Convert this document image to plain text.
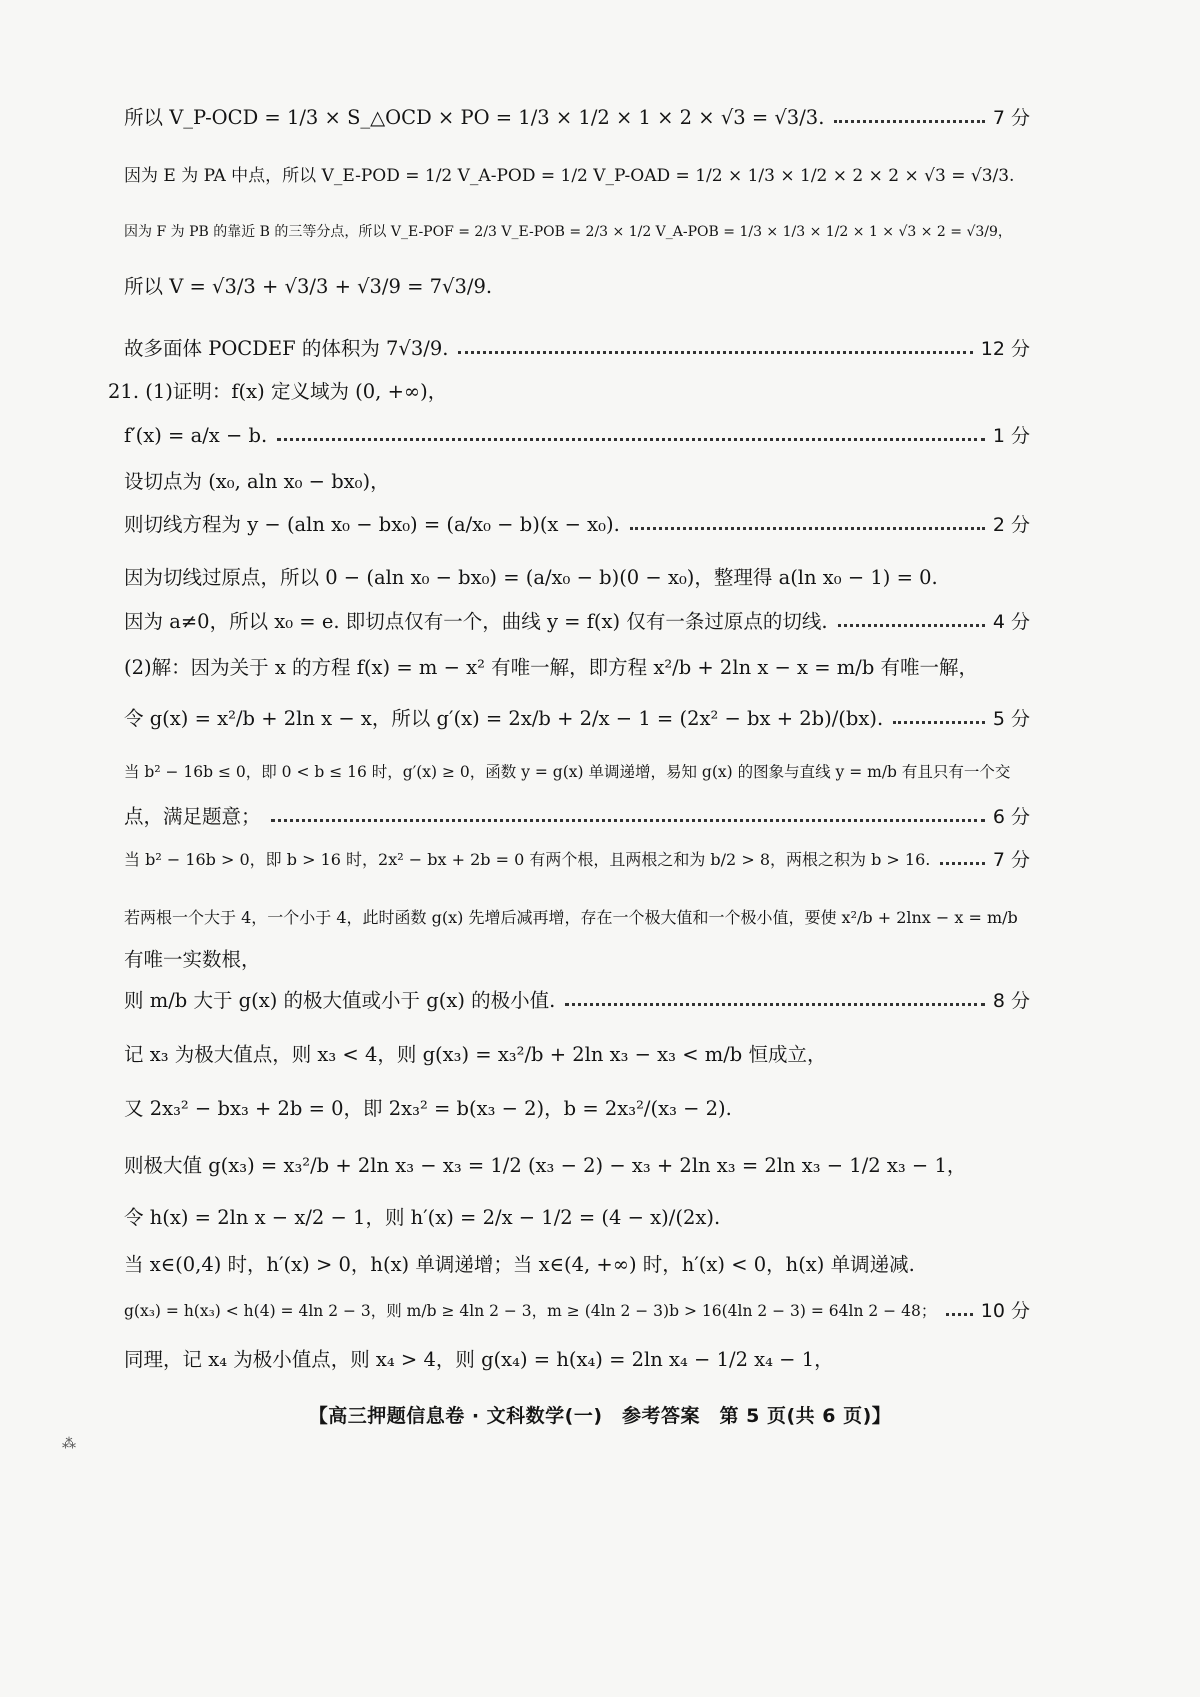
所以 V_P-OCD = 1/3 × S_△OCD × PO = 1/3 × 1/2 × 1 × 2 × √3 = √3/3.	7 分
因为 E 为 PA 中点，所以 V_E-POD = 1/2 V_A-POD = 1/2 V_P-OAD = 1/2 × 1/3 × 1/2 × 2 × 2 × √3 = √3/3.
因为 F 为 PB 的靠近 B 的三等分点，所以 V_E-POF = 2/3 V_E-POB = 2/3 × 1/2 V_A-POB = 1/3 × 1/3 × 1/2 × 1 × √3 × 2 = √3/9，
所以 V = √3/3 + √3/3 + √3/9 = 7√3/9.
故多面体 POCDEF 的体积为 7√3/9.	12 分
21. (1)证明：f(x) 定义域为 (0, +∞)，
f′(x) = a/x − b.	1 分
设切点为 (x₀, aln x₀ − bx₀)，
则切线方程为 y − (aln x₀ − bx₀) = (a/x₀ − b)(x − x₀).	2 分
因为切线过原点，所以 0 − (aln x₀ − bx₀) = (a/x₀ − b)(0 − x₀)，整理得 a(ln x₀ − 1) = 0.
因为 a≠0，所以 x₀ = e. 即切点仅有一个，曲线 y = f(x) 仅有一条过原点的切线.	4 分
(2)解：因为关于 x 的方程 f(x) = m − x² 有唯一解，即方程 x²/b + 2ln x − x = m/b 有唯一解，
令 g(x) = x²/b + 2ln x − x，所以 g′(x) = 2x/b + 2/x − 1 = (2x² − bx + 2b)/(bx).	5 分
当 b² − 16b ≤ 0，即 0 < b ≤ 16 时，g′(x) ≥ 0，函数 y = g(x) 单调递增，易知 g(x) 的图象与直线 y = m/b 有且只有一个交
点，满足题意；	6 分
当 b² − 16b > 0，即 b > 16 时，2x² − bx + 2b = 0 有两个根，且两根之和为 b/2 > 8，两根之积为 b > 16.	7 分
若两根一个大于 4，一个小于 4，此时函数 g(x) 先增后减再增，存在一个极大值和一个极小值，要使 x²/b + 2lnx − x = m/b
有唯一实数根，
则 m/b 大于 g(x) 的极大值或小于 g(x) 的极小值.	8 分
记 x₃ 为极大值点，则 x₃ < 4，则 g(x₃) = x₃²/b + 2ln x₃ − x₃ < m/b 恒成立，
又 2x₃² − bx₃ + 2b = 0，即 2x₃² = b(x₃ − 2)，b = 2x₃²/(x₃ − 2).
则极大值 g(x₃) = x₃²/b + 2ln x₃ − x₃ = 1/2 (x₃ − 2) − x₃ + 2ln x₃ = 2ln x₃ − 1/2 x₃ − 1，
令 h(x) = 2ln x − x/2 − 1，则 h′(x) = 2/x − 1/2 = (4 − x)/(2x).
当 x∈(0,4) 时，h′(x) > 0，h(x) 单调递增；当 x∈(4, +∞) 时，h′(x) < 0，h(x) 单调递减.
g(x₃) = h(x₃) < h(4) = 4ln 2 − 3，则 m/b ≥ 4ln 2 − 3，m ≥ (4ln 2 − 3)b > 16(4ln 2 − 3) = 64ln 2 − 48； 10 分
同理，记 x₄ 为极小值点，则 x₄ > 4，则 g(x₄) = h(x₄) = 2ln x₄ − 1/2 x₄ − 1，
【高三押题信息卷 · 文科数学(一)　参考答案　第 5 页(共 6 页)】
⁂
